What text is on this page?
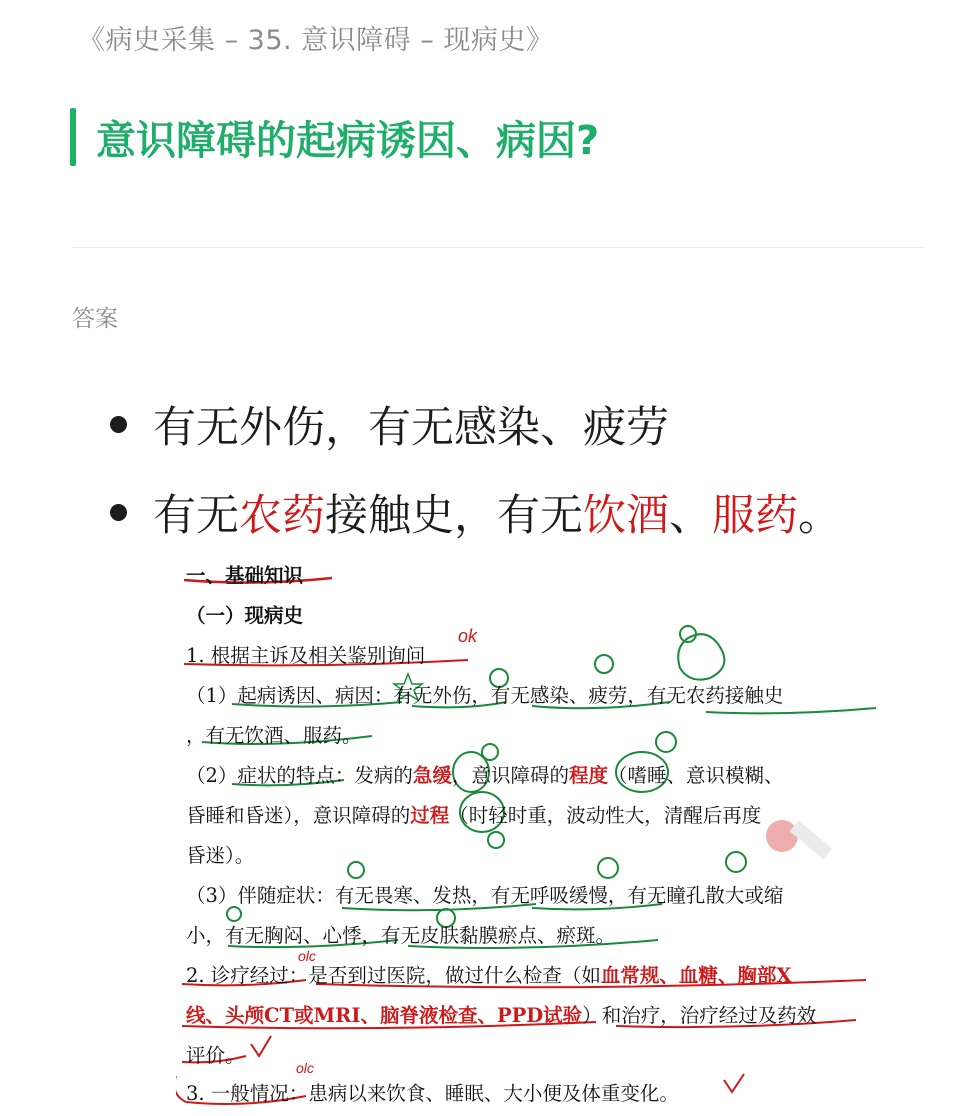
《病史采集 – 35. 意识障碍 – 现病史》
意识障碍的起病诱因、病因?
答案
有无外伤，有无感染、疲劳
有无 农药 接触史，有无 饮酒 、 服药 。
一、基础知识
（一）现病史
1. 根据主诉及相关鉴别询问
（1）起病诱因、病因：有无外伤，有无感染、疲劳，有无农药接触史
，有无饮酒、服药。
（2）症状的特点：发病的急缓，意识障碍的程度（嗜睡、意识模糊、
昏睡和昏迷），意识障碍的过程（时轻时重，波动性大，清醒后再度
昏迷）。
（3）伴随症状：有无畏寒、发热，有无呼吸缓慢，有无瞳孔散大或缩
小，有无胸闷、心悸，有无皮肤黏膜瘀点、瘀斑。
2. 诊疗经过：是否到过医院，做过什么检查（如血常规、血糖、胸部X
线、头颅CT或MRI、脑脊液检查、PPD试验）和治疗，治疗经过及药效
评价。
3. 一般情况：患病以来饮食、睡眠、大小便及体重变化。
ok
olc
olc
